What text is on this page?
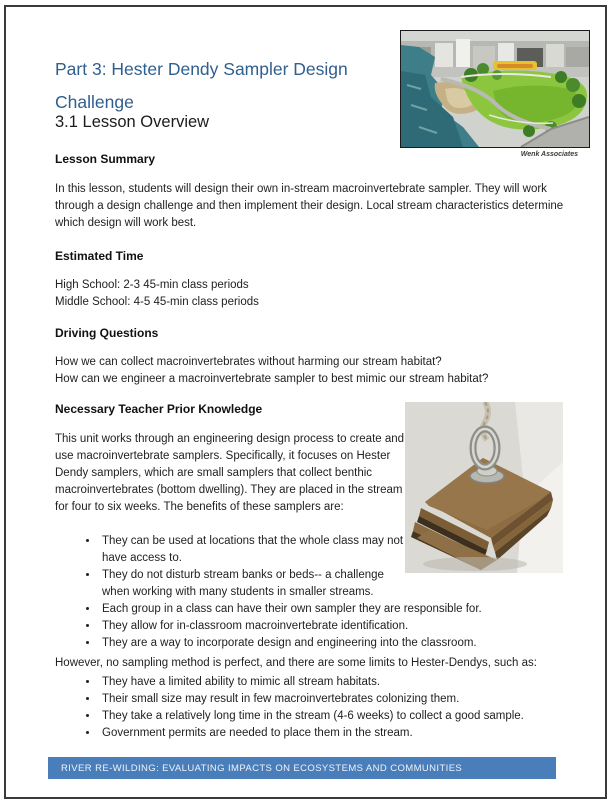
Part 3: Hester Dendy Sampler Design Challenge
3.1 Lesson Overview
Wenk Associates
Lesson Summary
In this lesson, students will design their own in-stream macroinvertebrate sampler. They will work through a design challenge and then implement their design. Local stream characteristics determine which design will work best.
Estimated Time
High School: 2-3 45-min class periods
Middle School: 4-5 45-min class periods
Driving Questions
How we can collect macroinvertebrates without harming our stream habitat?
How can we engineer a macroinvertebrate sampler to best mimic our stream habitat?
Necessary Teacher Prior Knowledge
This unit works through an engineering design process to create and use macroinvertebrate samplers. Specifically, it focuses on Hester Dendy samplers, which are small samplers that collect benthic macroinvertebrates (bottom dwelling). They are placed in the stream for four to six weeks. The benefits of these samplers are:
• They can be used at locations that the whole class may not have access to.
• They do not disturb stream banks or beds-- a challenge when working with many students in smaller streams.
• Each group in a class can have their own sampler they are responsible for.
• They allow for in-classroom macroinvertebrate identification.
• They are a way to incorporate design and engineering into the classroom.
However, no sampling method is perfect, and there are some limits to Hester-Dendys, such as:
• They have a limited ability to mimic all stream habitats.
• Their small size may result in few macroinvertebrates colonizing them.
• They take a relatively long time in the stream (4-6 weeks) to collect a good sample.
• Government permits are needed to place them in the stream.
RIVER RE-WILDING: EVALUATING IMPACTS ON ECOSYSTEMS AND COMMUNITIES
